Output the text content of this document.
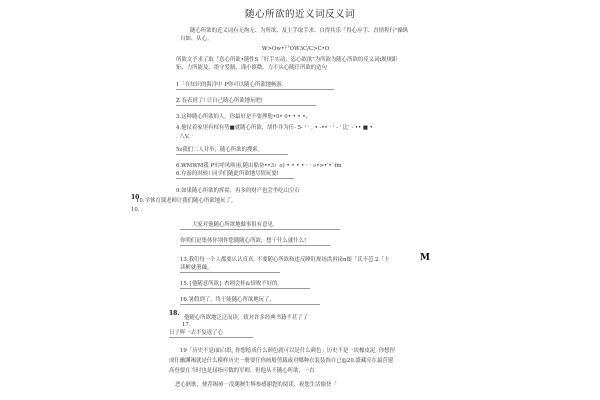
随心所欲的近义词反义词
随心所欲的近义词有无拘无、为所欲、及主手取手求、自得其乐「得心应手、直情程行"操纵
自如、从心。
W>Ow•尸OW3C/C>C•O
所欲文予求了取「恣心所欲•随性S「好手实动、恣心欲欲"为所欲为随心所欲的反义词i规规距
矩、力所能及、墨守爱制、谨小慎微、力不从心随任所欲的造句
1「在知识的海洋中 P你可以随心所欲地畅游.
Z 春表到了! 让自己随心所欲地玩吧!
3.这种随心所欲的人，你最好是不要理他•0• 0• • • •、
4.他仗着家里有权有势■就随心所欲，胡作非为任- 5- ' · , • -•• · ' - ' 比' - •• ■ •
. 八V. ·
5s我们二人并举，随心所欲的搜索。
6.WMWM我 P实呼风唤雨,随由船奋••3）o) • • • • · · »•>•'•`fm
6.存游的时候! 同学们随此所欲地尽情玩耍!
9.如果随心所欲的挥霍，再多的财产也会坐吃山空石
10
10.学休育课老师让我们随心所欲地玩了。
10.
大家对他随心所欲地做事很有意见.
你明们是集体你别你您随随心所欲，想干什么就什么!
13.我们每一个人都要认认真真, 不要随心所欲和违反睡肝规场洪再岗n图「氏不芭.2「上	M
读彬就册藕。
15.{他随意所欲} 杏则会桂&情败不好的。
16.暑假到了，终于能随心所欲地玩了.
18.
他随心所欲地泛泛而读，致对许多经典书籍不甚了了
17.
日子晖一去不复返了心
19「历史不是i面白纸, 你想绘成什么颜色就可以是什么颜色」历史不是一块橡皮泥, 你想捏
成什幽渊褐就是什么模样历史一册要任你画般剪载或对哪种衣装装饰自已@20.派藏亮在最营建
高登要在当时也是屈指可数的军师，但他从不随心所欲，一直
恶心耿耿，便荐揭瘴一没潮澳生辉参感谢您的阅读，祝您生活愉快「
